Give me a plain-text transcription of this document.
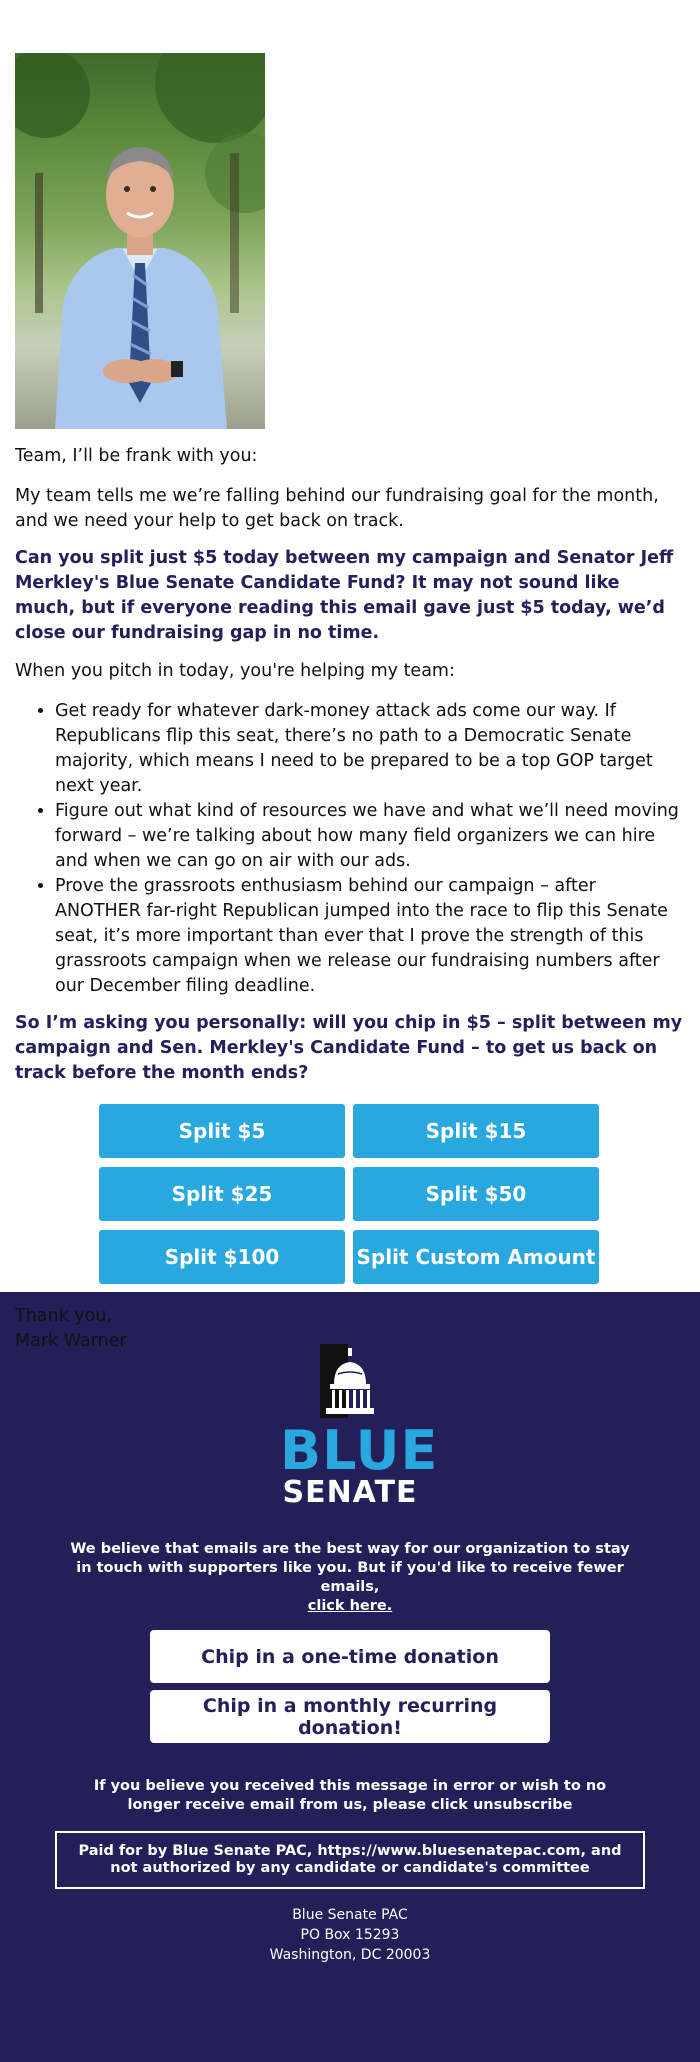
Team, I’ll be frank with you:

My team tells me we’re falling behind our fundraising goal for the month, and we need your help to get back on track.

Can you split just $5 today between my campaign and Senator Jeff Merkley's Blue Senate Candidate Fund? It may not sound like much, but if everyone reading this email gave just $5 today, we’d close our fundraising gap in no time.

When you pitch in today, you're helping my team:

• Get ready for whatever dark-money attack ads come our way. If Republicans flip this seat, there’s no path to a Democratic Senate majority, which means I need to be prepared to be a top GOP target next year.
• Figure out what kind of resources we have and what we’ll need moving forward – we’re talking about how many field organizers we can hire and when we can go on air with our ads.
• Prove the grassroots enthusiasm behind our campaign – after ANOTHER far-right Republican jumped into the race to flip this Senate seat, it’s more important than ever that I prove the strength of this grassroots campaign when we release our fundraising numbers after our December filing deadline.

So I’m asking you personally: will you chip in $5 – split between my campaign and Sen. Merkley's Candidate Fund – to get us back on track before the month ends?

Split $5	Split $15
Split $25	Split $50
Split $100	Split Custom Amount

Thank you,

Mark Warner

BLUE
SENATE
We believe that emails are the best way for our organization to stay in touch with supporters like you. But if you'd like to receive fewer emails,
click here.
Chip in a one-time donation
Chip in a monthly recurring donation!
If you believe you received this message in error or wish to no longer receive email from us, please click unsubscribe
Paid for by Blue Senate PAC, https://www.bluesenatepac.com, and not authorized by any candidate or candidate's committee
Blue Senate PAC
PO Box 15293
Washington, DC 20003
